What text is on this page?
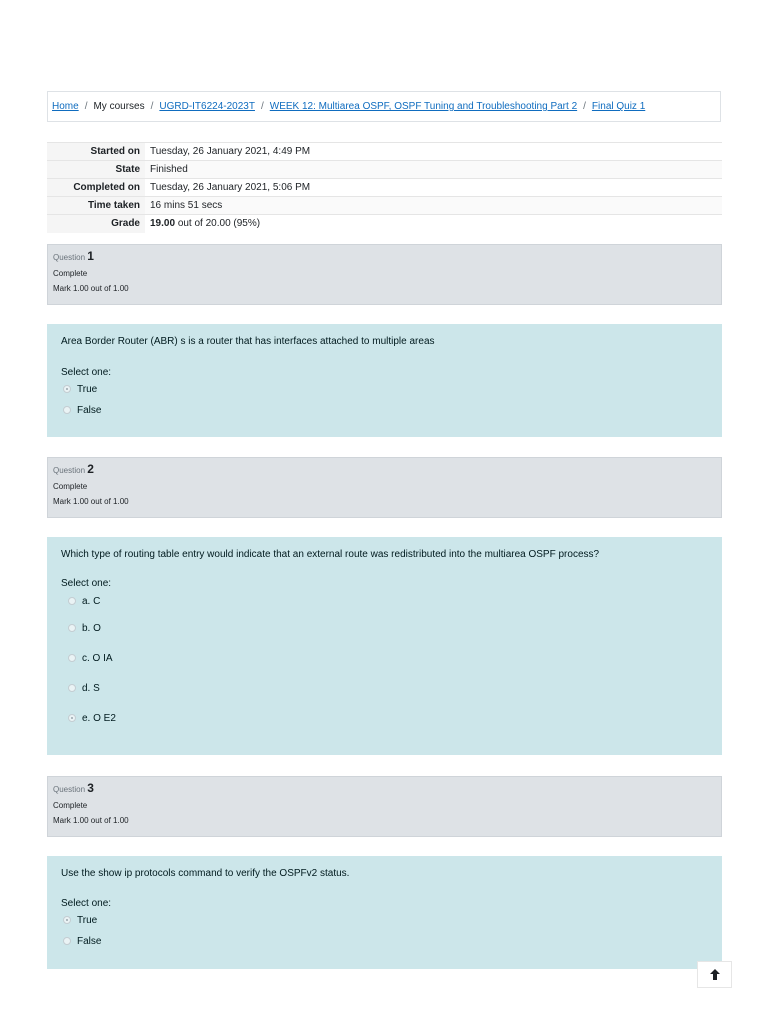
Home / My courses / UGRD-IT6224-2023T / WEEK 12: Multiarea OSPF, OSPF Tuning and Troubleshooting Part 2 / Final Quiz 1
Started on	Tuesday, 26 January 2021, 4:49 PM
State	Finished
Completed on	Tuesday, 26 January 2021, 5:06 PM
Time taken	16 mins 51 secs
Grade	19.00 out of 20.00 (95%)
Question 1
Complete
Mark 1.00 out of 1.00
Area Border Router (ABR) s is a router that has interfaces attached to multiple areas
Select one:
True
False
Question 2
Complete
Mark 1.00 out of 1.00
Which type of routing table entry would indicate that an external route was redistributed into the multiarea OSPF process?
Select one:
a. C
b. O
c. O IA
d. S
e. O E2
Question 3
Complete
Mark 1.00 out of 1.00
Use the show ip protocols command to verify the OSPFv2 status.
Select one:
True
False
